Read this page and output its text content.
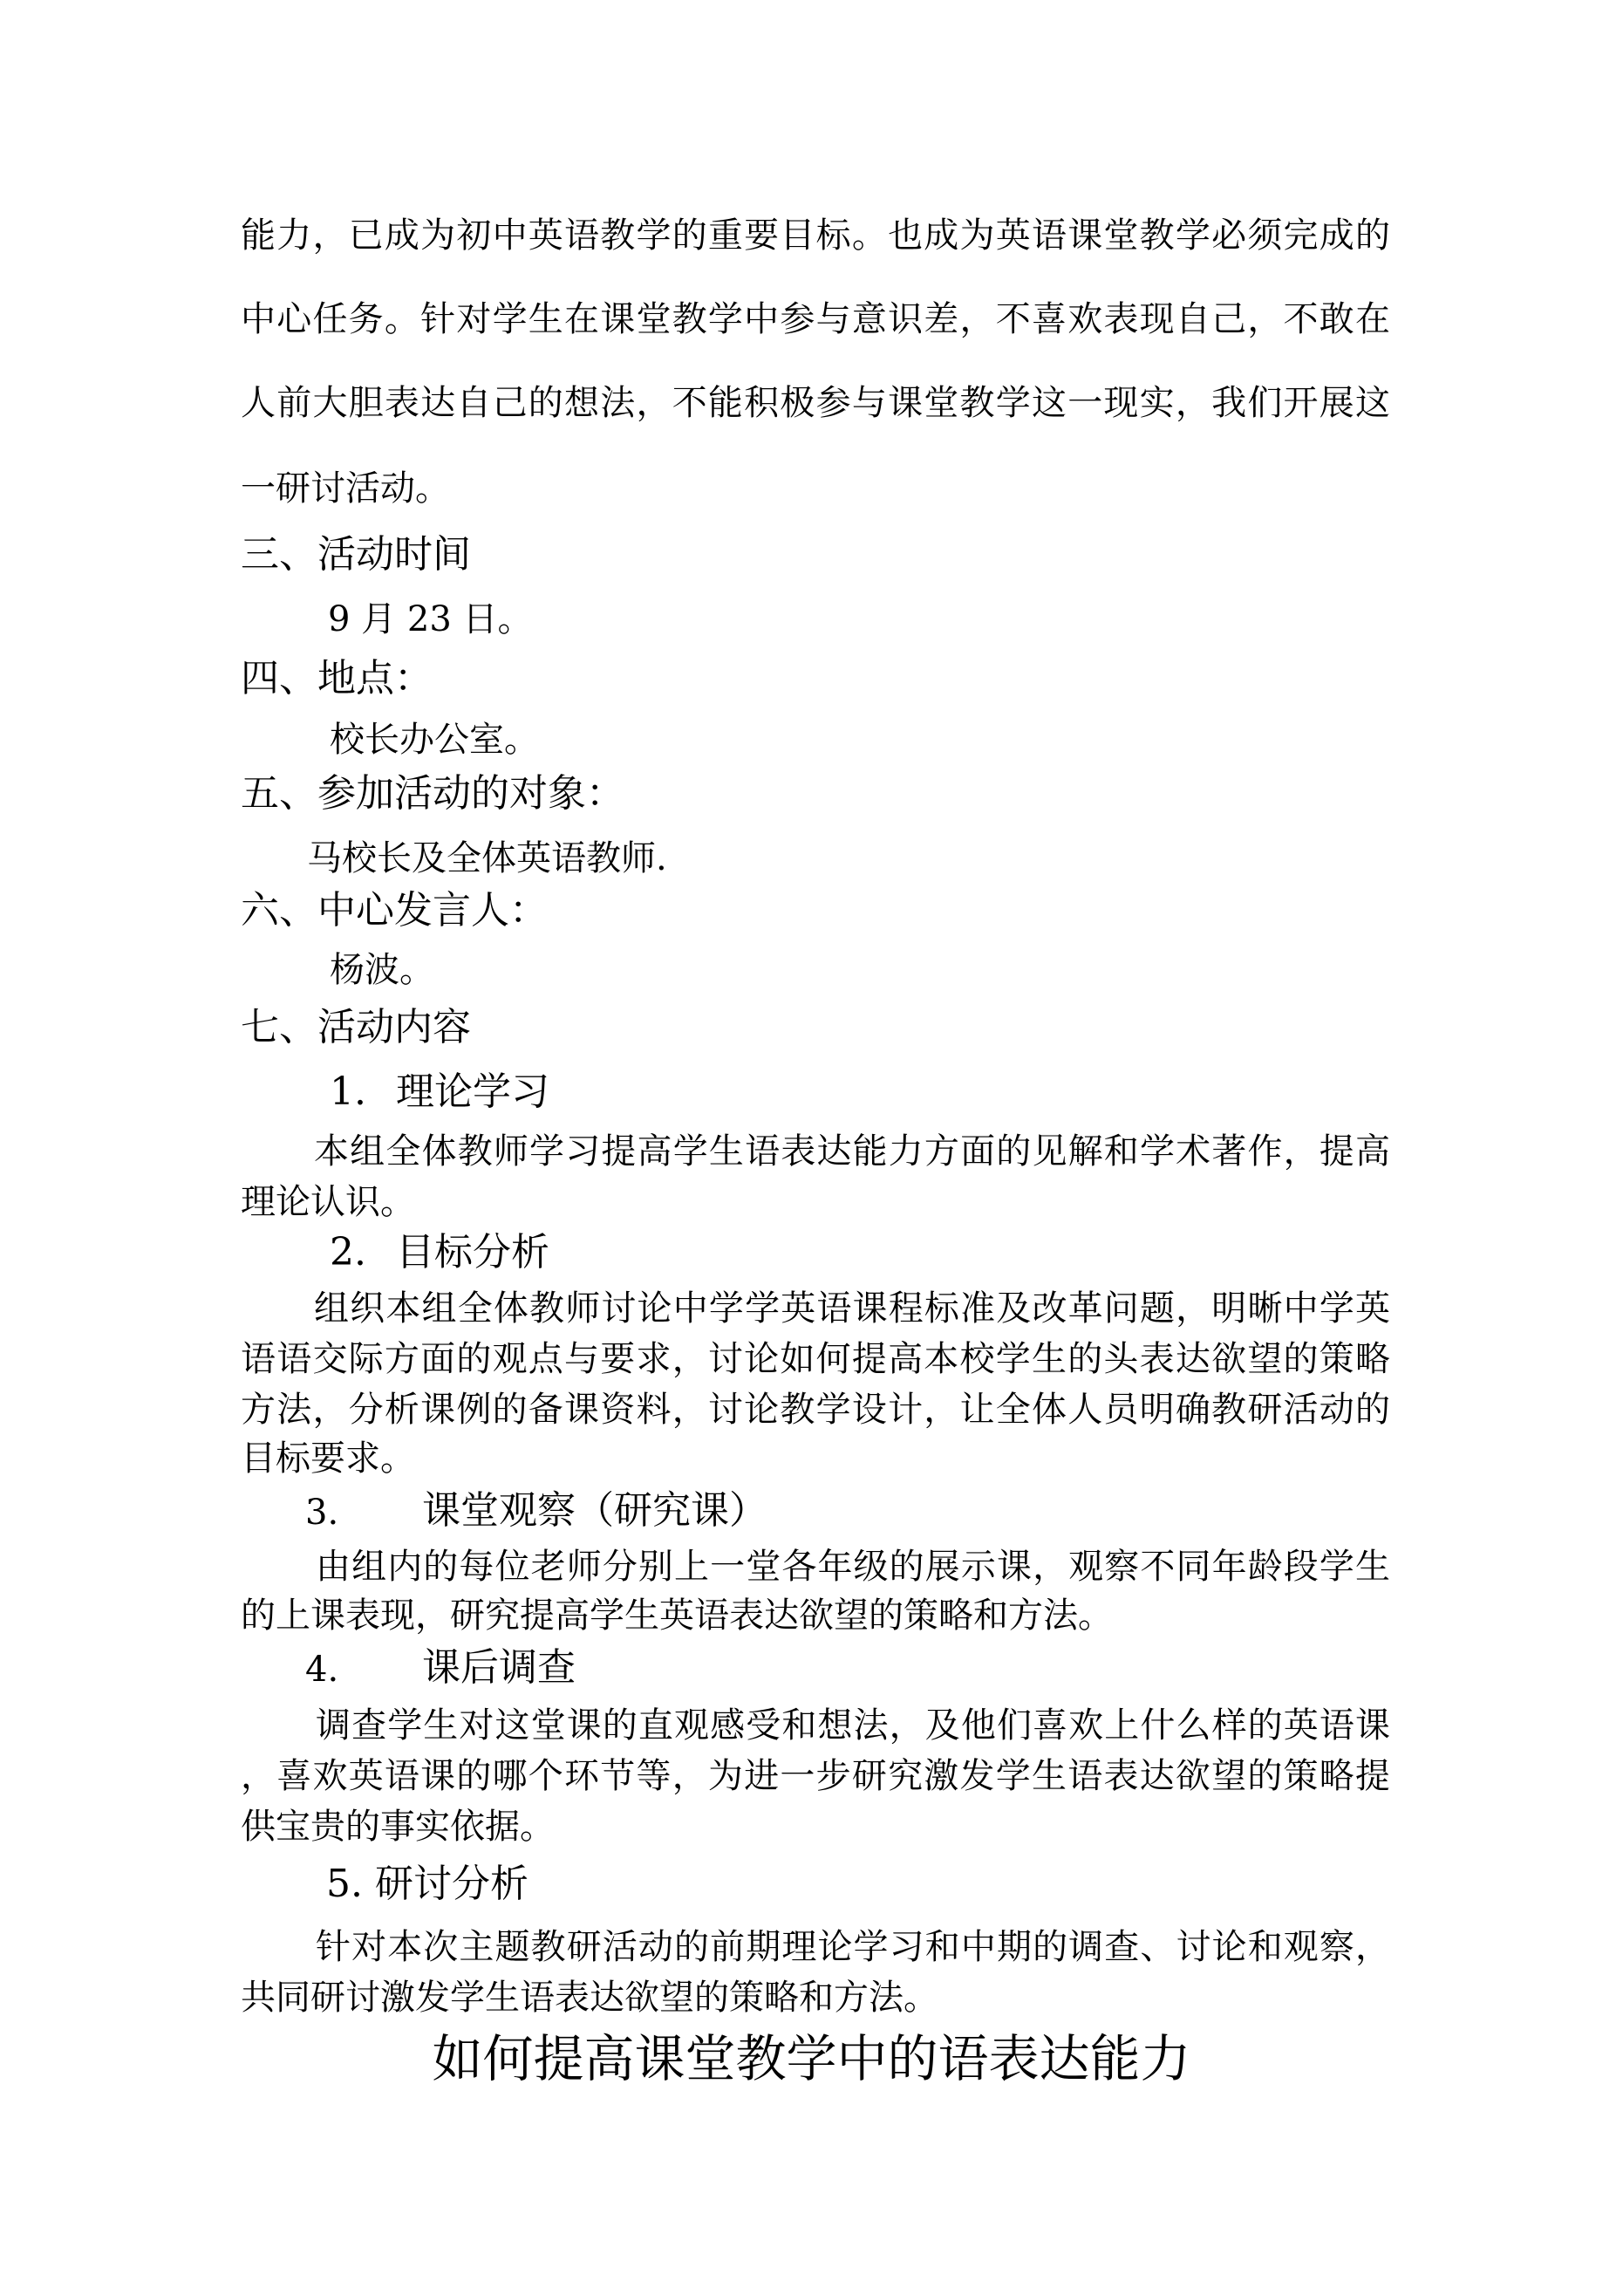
能力，已成为初中英语教学的重要目标。也成为英语课堂教学必须完成的
中心任务。针对学生在课堂教学中参与意识差，不喜欢表现自己，不敢在
人前大胆表达自己的想法，不能积极参与课堂教学这一现实，我们开展这
一研讨活动。
三、活动时间
9 月 23 日。
四、地点：
校长办公室。
五、参加活动的对象：
马校长及全体英语教师.
六、中心发言人：
杨波。
七、活动内容
1. 理论学习
本组全体教师学习提高学生语表达能力方面的见解和学术著作，提高
理论认识。
2. 目标分析
组织本组全体教师讨论中学学英语课程标准及改革问题，明晰中学英
语语交际方面的观点与要求，讨论如何提高本校学生的头表达欲望的策略
方法，分析课例的备课资料，讨论教学设计，让全体人员明确教研活动的
目标要求。
3. 课堂观察（研究课）
由组内的每位老师分别上一堂各年级的展示课，观察不同年龄段学生
的上课表现，研究提高学生英语表达欲望的策略和方法。
4. 课后调查
调查学生对这堂课的直观感受和想法，及他们喜欢上什么样的英语课
，喜欢英语课的哪个环节等，为进一步研究激发学生语表达欲望的策略提
供宝贵的事实依据。
5. 研讨分析
针对本次主题教研活动的前期理论学习和中期的调查、讨论和观察，
共同研讨激发学生语表达欲望的策略和方法。
如何提高课堂教学中的语表达能力
